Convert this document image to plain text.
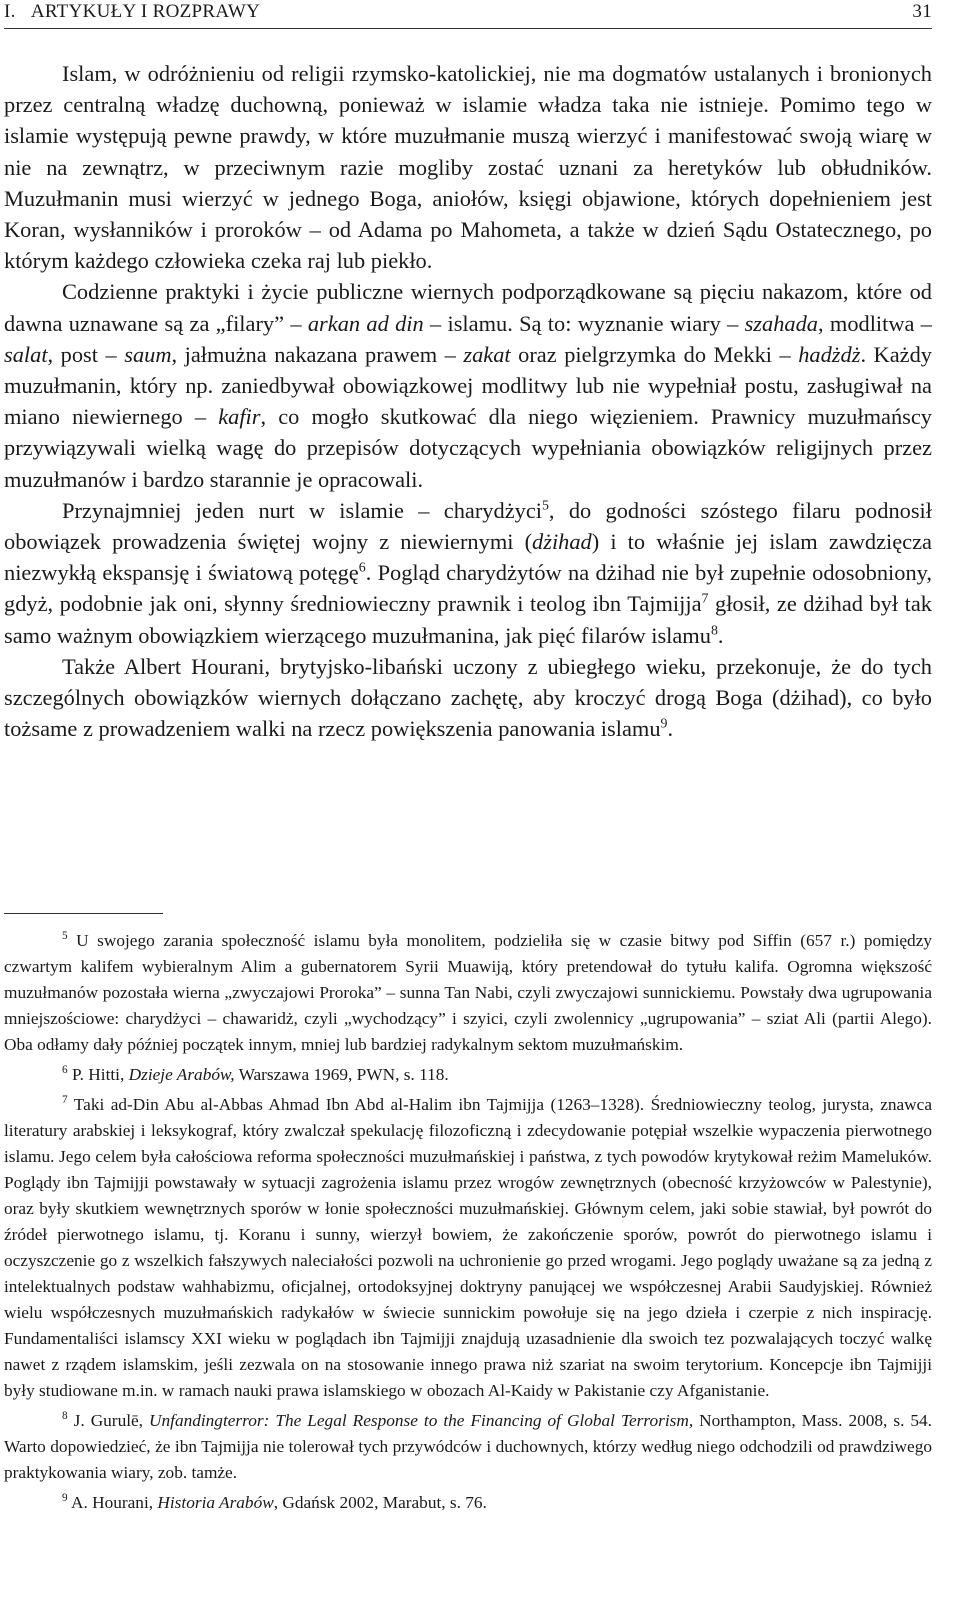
I.   ARTYKUŁY I ROZPRAWY	31

Islam, w odróżnieniu od religii rzymsko-katolickiej, nie ma dogmatów ustalanych i bronionych przez centralną władzę duchowną, ponieważ w islamie władza taka nie istnieje. Pomimo tego w islamie występują pewne prawdy, w które muzułmanie muszą wierzyć i manifestować swoją wiarę w nie na zewnątrz, w przeciwnym razie mogliby zostać uznani za heretyków lub obłudników. Muzułmanin musi wierzyć w jednego Boga, aniołów, księgi objawione, których dopełnieniem jest Koran, wysłanników i proroków – od Adama po Mahometa, a także w dzień Sądu Ostatecznego, po którym każdego człowieka czeka raj lub piekło.

Codzienne praktyki i życie publiczne wiernych podporządkowane są pięciu nakazom, które od dawna uznawane są za „filary” – arkan ad din – islamu. Są to: wyznanie wiary – szahada, modlitwa – salat, post – saum, jałmużna nakazana prawem – zakat oraz pielgrzymka do Mekki – hadżdż. Każdy muzułmanin, który np. zaniedbywał obowiązkowej modlitwy lub nie wypełniał postu, zasługiwał na miano niewiernego – kafir, co mogło skutkować dla niego więzieniem. Prawnicy muzułmańscy przywiązywali wielką wagę do przepisów dotyczących wypełniania obowiązków religijnych przez muzułmanów i bardzo starannie je opracowali.

Przynajmniej jeden nurt w islamie – charydżyci$^5$, do godności szóstego filaru podnosił obowiązek prowadzenia świętej wojny z niewiernymi (dżihad) i to właśnie jej islam zawdzięcza niezwykłą ekspansję i światową potęgę$^6$. Pogląd charydżytów na dżihad nie był zupełnie odosobniony, gdyż, podobnie jak oni, słynny średniowieczny prawnik i teolog ibn Tajmijja$^7$ głosił, ze dżihad był tak samo ważnym obowiązkiem wierzącego muzułmanina, jak pięć filarów islamu$^8$.

Także Albert Hourani, brytyjsko-libański uczony z ubiegłego wieku, przekonuje, że do tych szczególnych obowiązków wiernych dołączano zachętę, aby kroczyć drogą Boga (dżihad), co było tożsame z prowadzeniem walki na rzecz powiększenia panowania islamu$^9$.

$^5$ U swojego zarania społeczność islamu była monolitem, podzieliła się w czasie bitwy pod Siffin (657 r.) pomiędzy czwartym kalifem wybieralnym Alim a gubernatorem Syrii Muawiją, który pretendował do tytułu kalifa. Ogromna większość muzułmanów pozostała wierna „zwyczajowi Proroka” – sunna Tan Nabi, czyli zwyczajowi sunnickiemu. Powstały dwa ugrupowania mniejszościowe: charydżyci – chawaridż, czyli „wychodzący” i szyici, czyli zwolennicy „ugrupowania” – sziat Ali (partii Alego). Oba odłamy dały później początek innym, mniej lub bardziej radykalnym sektom muzułmańskim.

$^6$ P. Hitti, Dzieje Arabów, Warszawa 1969, PWN, s. 118.

$^7$ Taki ad-Din Abu al-Abbas Ahmad Ibn Abd al-Halim ibn Tajmijja (1263–1328). Średniowieczny teolog, jurysta, znawca literatury arabskiej i leksykograf, który zwalczał spekulację filozoficzną i zdecydowanie potępiał wszelkie wypaczenia pierwotnego islamu. Jego celem była całościowa reforma społeczności muzułmańskiej i państwa, z tych powodów krytykował reżim Mameluków. Poglądy ibn Tajmijji powstawały w sytuacji zagrożenia islamu przez wrogów zewnętrznych (obecność krzyżowców w Palestynie), oraz były skutkiem wewnętrznych sporów w łonie społeczności muzułmańskiej. Głównym celem, jaki sobie stawiał, był powrót do źródeł pierwotnego islamu, tj. Koranu i sunny, wierzył bowiem, że zakończenie sporów, powrót do pierwotnego islamu i oczyszczenie go z wszelkich fałszywych naleciałości pozwoli na uchronienie go przed wrogami. Jego poglądy uważane są za jedną z intelektualnych podstaw wahhabizmu, oficjalnej, ortodoksyjnej doktryny panującej we współczesnej Arabii Saudyjskiej. Również wielu współczesnych muzułmańskich radykałów w świecie sunnickim powołuje się na jego dzieła i czerpie z nich inspirację. Fundamentaliści islamscy XXI wieku w poglądach ibn Tajmijji znajdują uzasadnienie dla swoich tez pozwalających toczyć walkę nawet z rządem islamskim, jeśli zezwala on na stosowanie innego prawa niż szariat na swoim terytorium. Koncepcje ibn Tajmijji były studiowane m.in. w ramach nauki prawa islamskiego w obozach Al-Kaidy w Pakistanie czy Afganistanie.

$^8$ J. Gurulē, Unfandingterror: The Legal Response to the Financing of Global Terrorism, Northampton, Mass. 2008, s. 54. Warto dopowiedzieć, że ibn Tajmijja nie tolerował tych przywódców i duchownych, którzy według niego odchodzili od prawdziwego praktykowania wiary, zob. tamże.

$^9$ A. Hourani, Historia Arabów, Gdańsk 2002, Marabut, s. 76.
